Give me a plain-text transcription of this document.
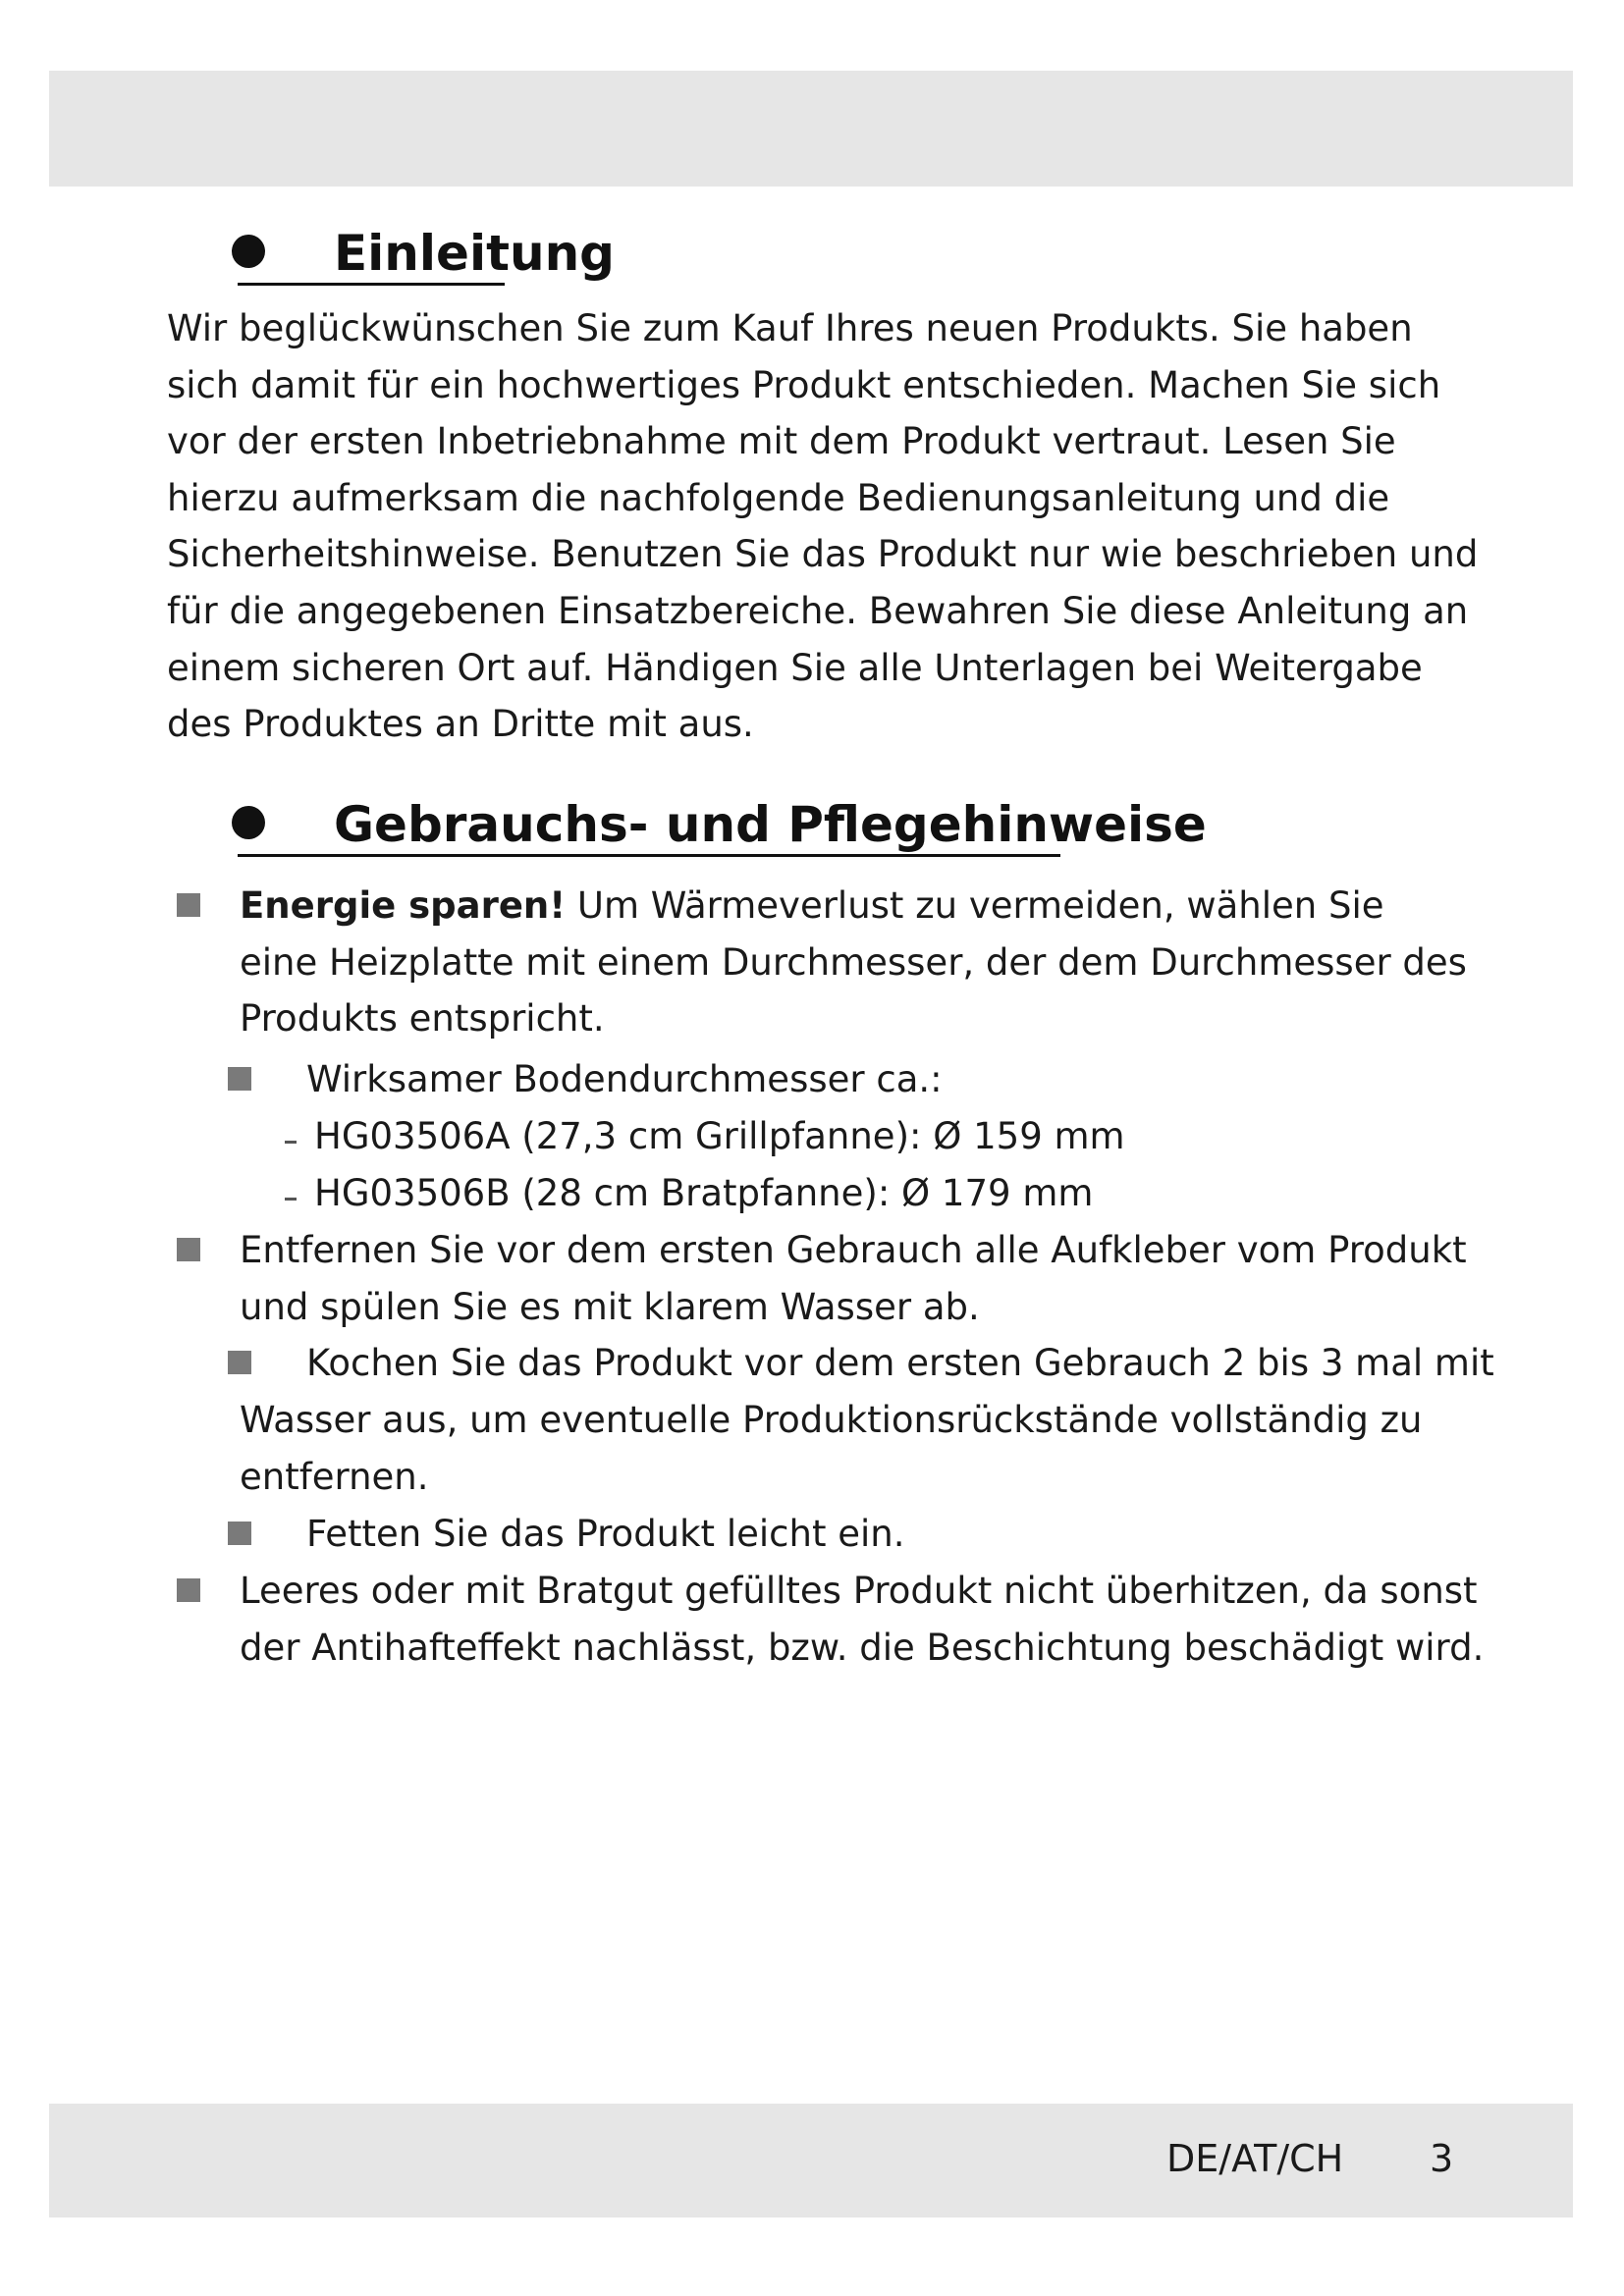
Einleitung
Wir beglückwünschen Sie zum Kauf Ihres neuen Produkts. Sie haben
sich damit für ein hochwertiges Produkt entschieden. Machen Sie sich
vor der ersten Inbetriebnahme mit dem Produkt vertraut. Lesen Sie
hierzu aufmerksam die nachfolgende Bedienungsanleitung und die
Sicherheitshinweise. Benutzen Sie das Produkt nur wie beschrieben und
für die angegebenen Einsatzbereiche. Bewahren Sie diese Anleitung an
einem sicheren Ort auf. Händigen Sie alle Unterlagen bei Weitergabe
des Produktes an Dritte mit aus.
Gebrauchs- und Pflegehinweise
Energie sparen! Um Wärmeverlust zu vermeiden, wählen Sie
eine Heizplatte mit einem Durchmesser, der dem Durchmesser des
Produkts entspricht.
Wirksamer Bodendurchmesser ca.:
HG03506A (27,3 cm Grillpfanne): Ø 159 mm
HG03506B (28 cm Bratpfanne): Ø 179 mm
Entfernen Sie vor dem ersten Gebrauch alle Aufkleber vom Produkt
und spülen Sie es mit klarem Wasser ab.
Kochen Sie das Produkt vor dem ersten Gebrauch 2 bis 3 mal mit
Wasser aus, um eventuelle Produktionsrückstände vollständig zu
entfernen.
Fetten Sie das Produkt leicht ein.
Leeres oder mit Bratgut gefülltes Produkt nicht überhitzen, da sonst
der Antihafteffekt nachlässt, bzw. die Beschichtung beschädigt wird.
DE/AT/CH 3
